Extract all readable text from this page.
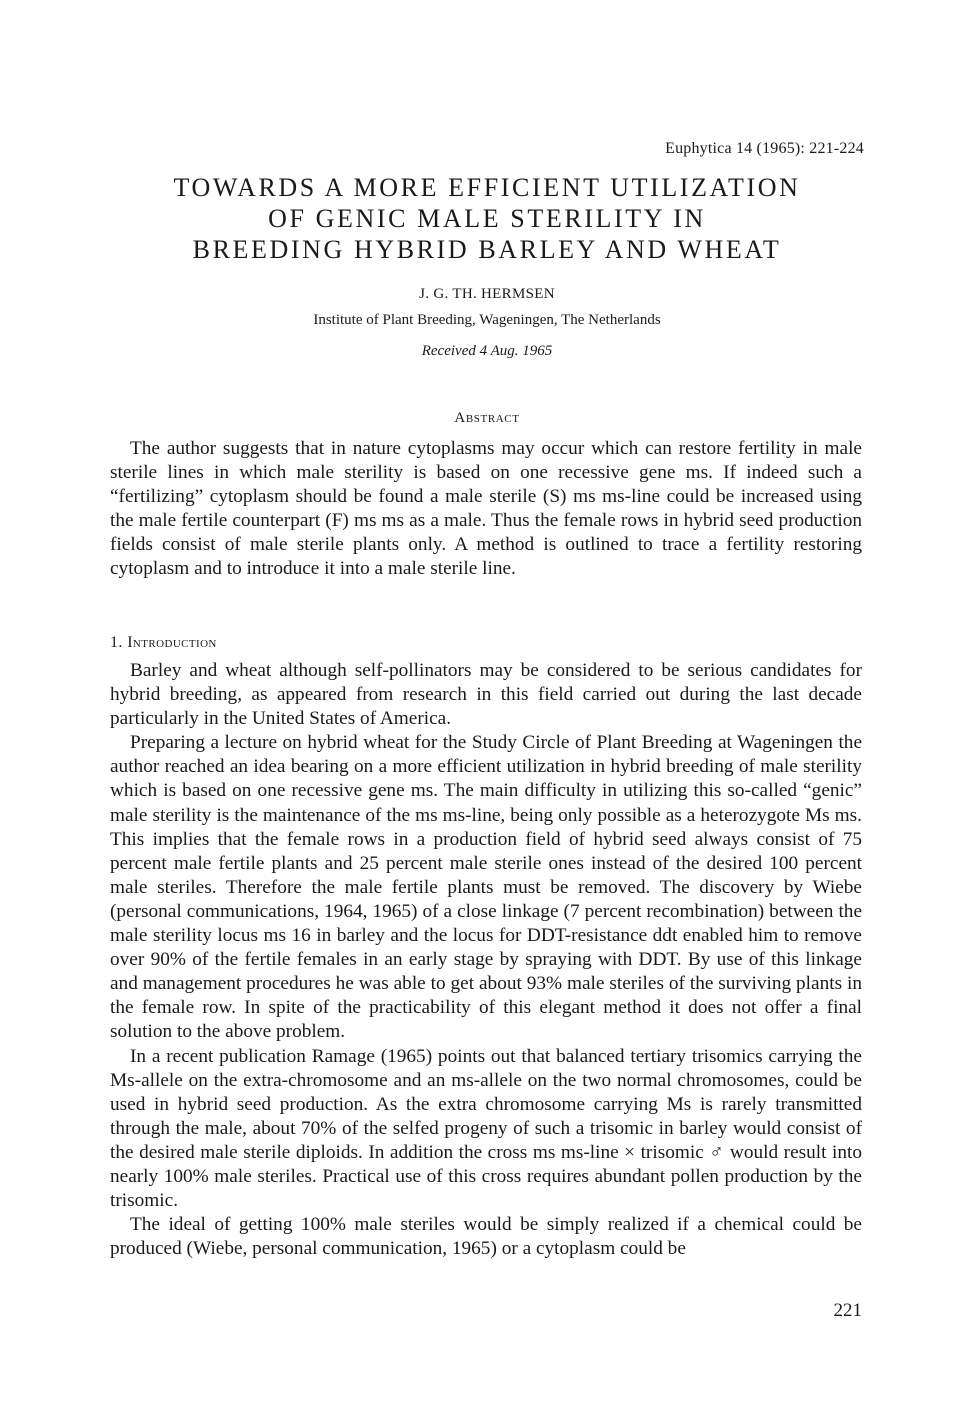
Euphytica 14 (1965): 221-224
TOWARDS A MORE EFFICIENT UTILIZATION
OF GENIC MALE STERILITY IN
BREEDING HYBRID BARLEY AND WHEAT
J. G. TH. HERMSEN
Institute of Plant Breeding, Wageningen, The Netherlands
Received 4 Aug. 1965
Abstract

The author suggests that in nature cytoplasms may occur which can restore fertility in male sterile lines in which male sterility is based on one recessive gene ms. If indeed such a “fertilizing” cytoplasm should be found a male sterile (S) ms ms-line could be increased using the male fertile counterpart (F) ms ms as a male. Thus the female rows in hybrid seed production fields consist of male sterile plants only. A method is outlined to trace a fertility restoring cytoplasm and to introduce it into a male sterile line.

1. Introduction

Barley and wheat although self-pollinators may be considered to be serious candidates for hybrid breeding, as appeared from research in this field carried out during the last decade particularly in the United States of America.

Preparing a lecture on hybrid wheat for the Study Circle of Plant Breeding at Wageningen the author reached an idea bearing on a more efficient utilization in hybrid breeding of male sterility which is based on one recessive gene ms. The main difficulty in utilizing this so-called “genic” male sterility is the maintenance of the ms ms-line, being only possible as a heterozygote Ms ms. This implies that the female rows in a production field of hybrid seed always consist of 75 percent male fertile plants and 25 percent male sterile ones instead of the desired 100 percent male steriles. Therefore the male fertile plants must be removed. The discovery by Wiebe (personal communications, 1964, 1965) of a close linkage (7 percent recombination) between the male sterility locus ms 16 in barley and the locus for DDT-resistance ddt enabled him to remove over 90% of the fertile females in an early stage by spraying with DDT. By use of this linkage and management procedures he was able to get about 93% male steriles of the surviving plants in the female row. In spite of the practicability of this elegant method it does not offer a final solution to the above problem.

In a recent publication Ramage (1965) points out that balanced tertiary trisomics carrying the Ms-allele on the extra-chromosome and an ms-allele on the two normal chromosomes, could be used in hybrid seed production. As the extra chromosome carrying Ms is rarely transmitted through the male, about 70% of the selfed progeny of such a trisomic in barley would consist of the desired male sterile diploids. In addition the cross ms ms-line × trisomic ♂ would result into nearly 100% male steriles. Practical use of this cross requires abundant pollen production by the trisomic.

The ideal of getting 100% male steriles would be simply realized if a chemical could be produced (Wiebe, personal communication, 1965) or a cytoplasm could be

221
